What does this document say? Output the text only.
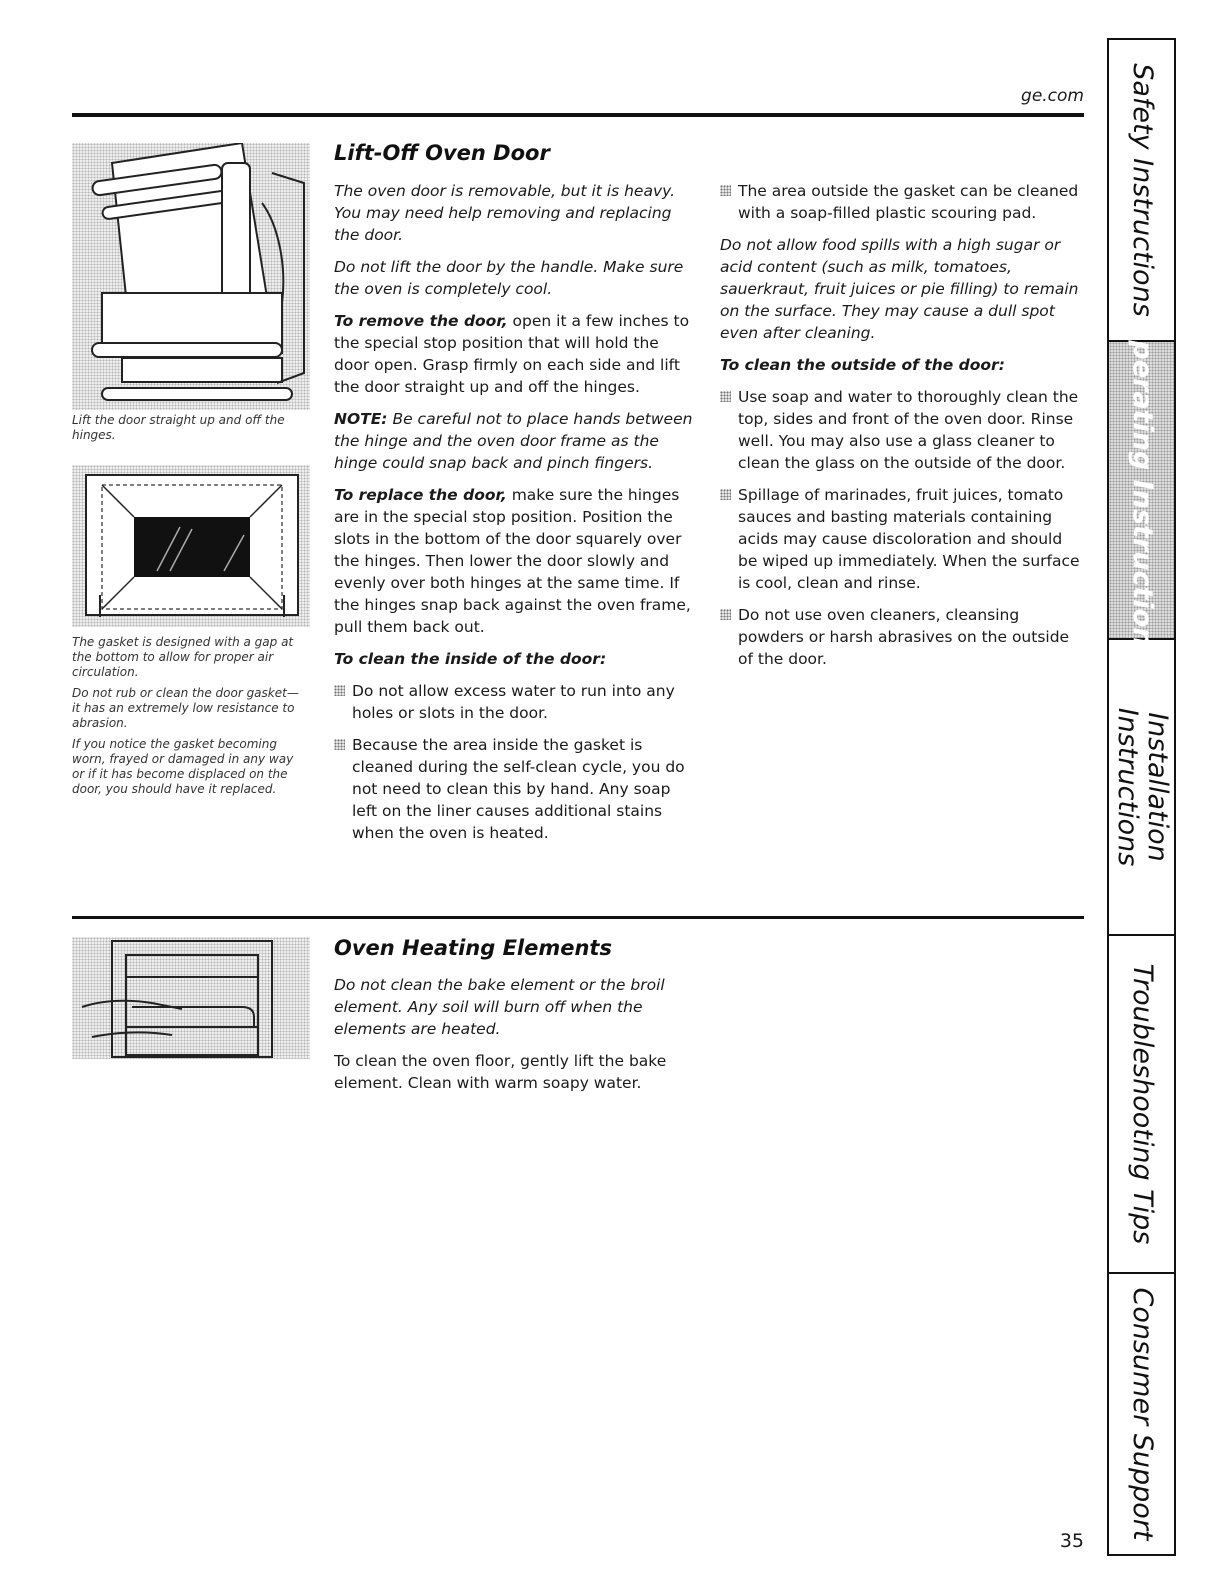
ge.com

Lift the door straight up and off the hinges.

The gasket is designed with a gap at the bottom to allow for proper air circulation.

Do not rub or clean the door gasket—it has an extremely low resistance to abrasion.

If you notice the gasket becoming worn, frayed or damaged in any way or if it has become displaced on the door, you should have it replaced.

Lift-Off Oven Door

The oven door is removable, but it is heavy. You may need help removing and replacing the door.

Do not lift the door by the handle. Make sure the oven is completely cool.

To remove the door, open it a few inches to the special stop position that will hold the door open. Grasp firmly on each side and lift the door straight up and off the hinges.

NOTE: Be careful not to place hands between the hinge and the oven door frame as the hinge could snap back and pinch fingers.

To replace the door, make sure the hinges are in the special stop position. Position the slots in the bottom of the door squarely over the hinges. Then lower the door slowly and evenly over both hinges at the same time. If the hinges snap back against the oven frame, pull them back out.

To clean the inside of the door:
Do not allow excess water to run into any holes or slots in the door.
Because the area inside the gasket is cleaned during the self-clean cycle, you do not need to clean this by hand. Any soap left on the liner causes additional stains when the oven is heated.
The area outside the gasket can be cleaned with a soap-filled plastic scouring pad.

Do not allow food spills with a high sugar or acid content (such as milk, tomatoes, sauerkraut, fruit juices or pie filling) to remain on the surface. They may cause a dull spot even after cleaning.

To clean the outside of the door:
Use soap and water to thoroughly clean the top, sides and front of the oven door. Rinse well. You may also use a glass cleaner to clean the glass on the outside of the door.
Spillage of marinades, fruit juices, tomato sauces and basting materials containing acids may cause discoloration and should be wiped up immediately. When the surface is cool, clean and rinse.
Do not use oven cleaners, cleansing powders or harsh abrasives on the outside of the door.
Oven Heating Elements

Do not clean the bake element or the broil element. Any soil will burn off when the elements are heated.

To clean the oven floor, gently lift the bake element. Clean with warm soapy water.

Safety Instructions
Operating Instructions
Installation Instructions
Troubleshooting Tips
Consumer Support
35
